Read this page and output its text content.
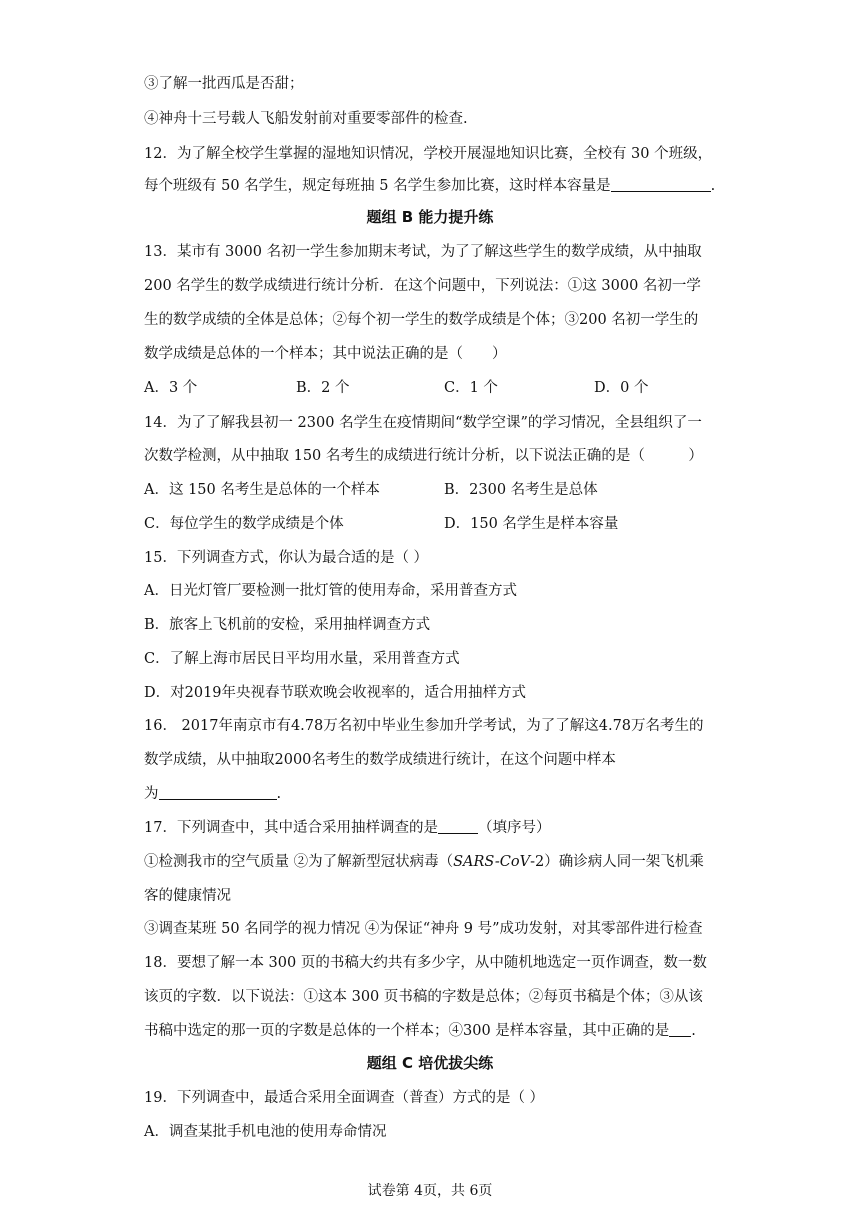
③了解一批西瓜是否甜；
④神舟十三号载人飞船发射前对重要零部件的检查.
12．为了解全校学生掌握的湿地知识情况，学校开展湿地知识比赛，全校有 30 个班级，
每个班级有 50 名学生，规定每班抽 5 名学生参加比赛，这时样本容量是	.
题组 B 能力提升练
13．某市有 3000 名初一学生参加期末考试，为了了解这些学生的数学成绩，从中抽取
200 名学生的数学成绩进行统计分析．在这个问题中，下列说法：①这 3000 名初一学
生的数学成绩的全体是总体；②每个初一学生的数学成绩是个体；③200 名初一学生的
数学成绩是总体的一个样本；其中说法正确的是（　　）
A．3 个	B．2 个	C．1 个	D．0 个
14．为了了解我县初一 2300 名学生在疫情期间“数学空课”的学习情况，全县组织了一
次数学检测，从中抽取 150 名考生的成绩进行统计分析，以下说法正确的是（　　　）
A．这 150 名考生是总体的一个样本	B．2300 名考生是总体
C．每位学生的数学成绩是个体	D．150 名学生是样本容量
15．下列调查方式，你认为最合适的是（ ）
A．日光灯管厂要检测一批灯管的使用寿命，采用普查方式
B．旅客上飞机前的安检，采用抽样调查方式
C．了解上海市居民日平均用水量，采用普查方式
D．对2019年央视春节联欢晚会收视率的，适合用抽样方式
16． 2017年南京市有4.78万名初中毕业生参加升学考试，为了了解这4.78万名考生的
数学成绩，从中抽取2000名考生的数学成绩进行统计，在这个问题中样本
为	.
17．下列调查中，其中适合采用抽样调查的是	（填序号）
①检测我市的空气质量 ②为了解新型冠状病毒（SARS-CoV-2）确诊病人同一架飞机乘
客的健康情况
③调查某班 50 名同学的视力情况 ④为保证“神舟 9 号”成功发射，对其零部件进行检查
18．要想了解一本 300 页的书稿大约共有多少字，从中随机地选定一页作调查，数一数
该页的字数．以下说法：①这本 300 页书稿的字数是总体；②每页书稿是个体；③从该
书稿中选定的那一页的字数是总体的一个样本；④300 是样本容量，其中正确的是 .
题组 C 培优拔尖练
19．下列调查中，最适合采用全面调查（普查）方式的是（ ）
A．调查某批手机电池的使用寿命情况
试卷第 4页，共 6页
